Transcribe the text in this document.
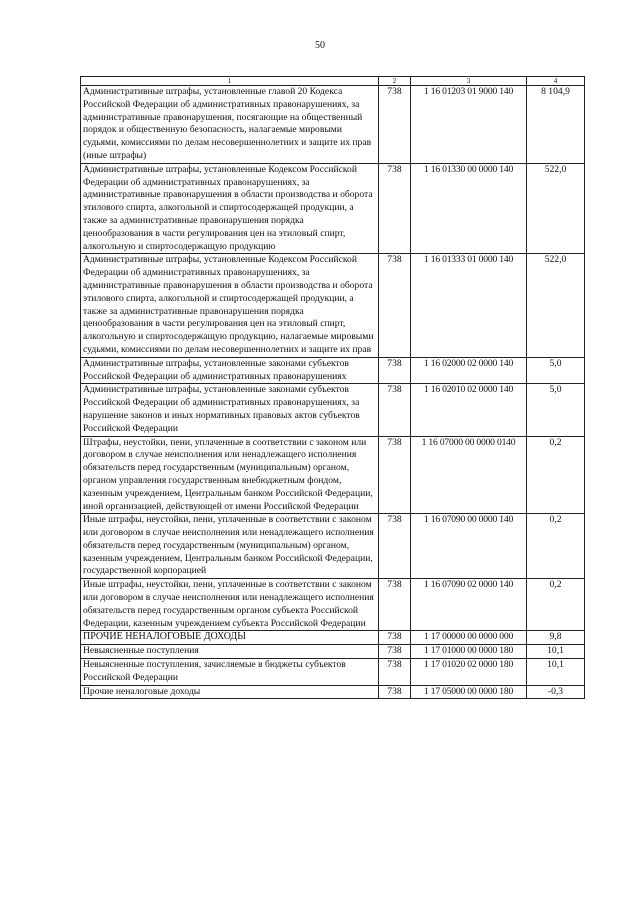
50
1	2	3	4
Административные штрафы, установленные главой 20 Кодекса Российской Федерации об административных правонарушениях, за административные правонарушения, посягающие на общественный порядок и общественную безопасность, налагаемые мировыми судьями, комиссиями по делам несовершеннолетних и защите их прав (иные штрафы)	738	1 16 01203 01 9000 140	8 104,9
Административные штрафы, установленные Кодексом Российской Федерации об административных правонарушениях, за административные правонарушения в области производства и оборота этилового спирта, алкогольной и спиртосодержащей продукции, а также за административные правонарушения порядка ценообразования в части регулирования цен на этиловый спирт, алкогольную и спиртосодержащую продукцию	738	1 16 01330 00 0000 140	522,0
Административные штрафы, установленные Кодексом Российской Федерации об административных правонарушениях, за административные правонарушения в области производства и оборота этилового спирта, алкогольной и спиртосодержащей продукции, а также за административные правонарушения порядка ценообразования в части регулирования цен на этиловый спирт, алкогольную и спиртосодержащую продукцию, налагаемые мировыми судьями, комиссиями по делам несовершеннолетних и защите их прав	738	1 16 01333 01 0000 140	522,0
Административные штрафы, установленные законами субъектов Российской Федерации об административных правонарушениях	738	1 16 02000 02 0000 140	5,0
Административные штрафы, установленные законами субъектов Российской Федерации об административных правонарушениях, за нарушение законов и иных нормативных правовых актов субъектов Российской Федерации	738	1 16 02010 02 0000 140	5,0
Штрафы, неустойки, пени, уплаченные в соответствии с законом или договором в случае неисполнения или ненадлежащего исполнения обязательств перед государственным (муниципальным) органом, органом управления государственным внебюджетным фондом, казенным учреждением, Центральным банком Российской Федерации, иной организацией, действующей от имени Российской Федерации	738	1 16 07000 00 0000 0140	0,2
Иные штрафы, неустойки, пени, уплаченные в соответствии с законом или договором в случае неисполнения или ненадлежащего исполнения обязательств перед государственным (муниципальным) органом, казенным учреждением, Центральным банком Российской Федерации, государственной корпорацией	738	1 16 07090 00 0000 140	0,2
Иные штрафы, неустойки, пени, уплаченные в соответствии с законом или договором в случае неисполнения или ненадлежащего исполнения обязательств перед государственным органом субъекта Российской Федерации, казенным учреждением субъекта Российской Федерации	738	1 16 07090 02 0000 140	0,2
ПРОЧИЕ НЕНАЛОГОВЫЕ ДОХОДЫ	738	1 17 00000 00 0000 000	9,8
Невыясненные поступления	738	1 17 01000 00 0000 180	10,1
Невыясненные поступления, зачисляемые в бюджеты субъектов Российской Федерации	738	1 17 01020 02 0000 180	10,1
Прочие неналоговые доходы	738	1 17 05000 00 0000 180	-0,3
